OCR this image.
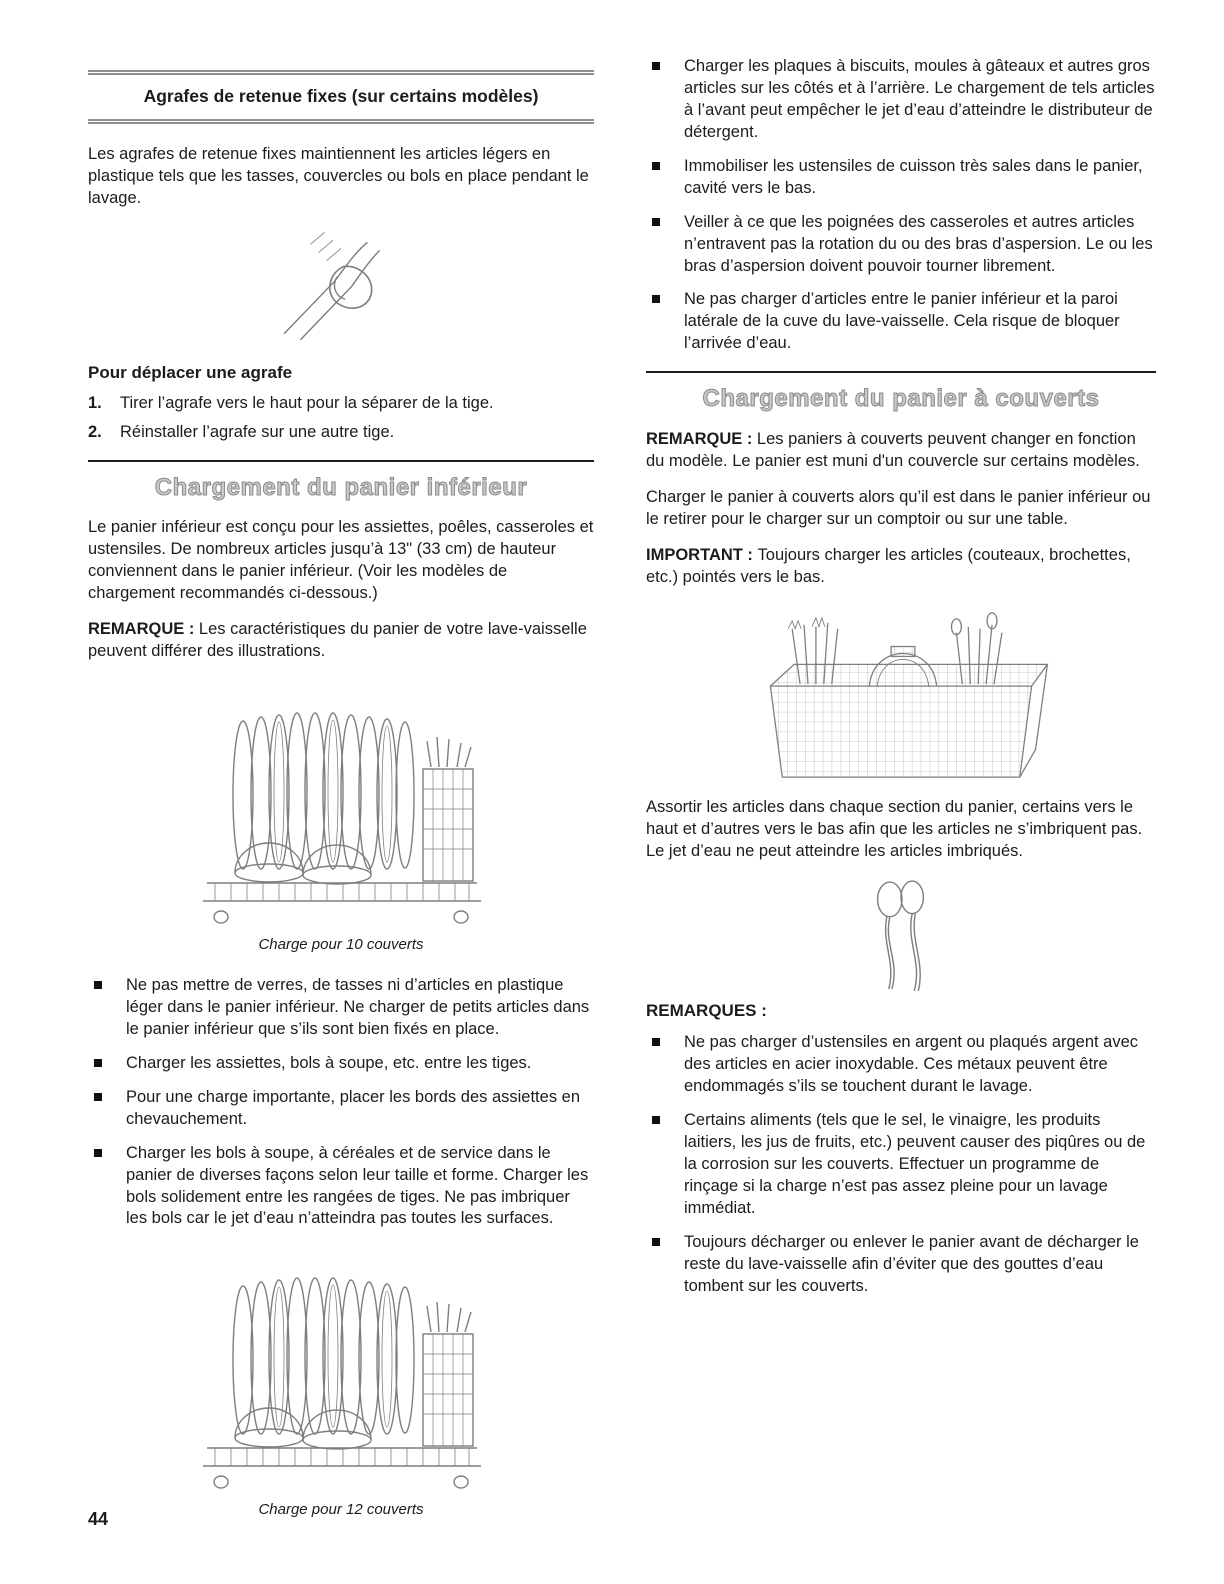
Agrafes de retenue fixes (sur certains modèles)

Les agrafes de retenue fixes maintiennent les articles légers en plastique tels que les tasses, couvercles ou bols en place pendant le lavage.

Pour déplacer une agrafe
1.	Tirer l’agrafe vers le haut pour la séparer de la tige.
2.	Réinstaller l’agrafe sur une autre tige.
Chargement du panier inférieur

Le panier inférieur est conçu pour les assiettes, poêles, casseroles et ustensiles. De nombreux articles jusqu’à 13" (33 cm) de hauteur conviennent dans le panier inférieur. (Voir les modèles de chargement recommandés ci-dessous.)

REMARQUE : Les caractéristiques du panier de votre lave-vaisselle peuvent différer des illustrations.

Charge pour 10 couverts
Ne pas mettre de verres, de tasses ni d’articles en plastique léger dans le panier inférieur. Ne charger de petits articles dans le panier inférieur que s’ils sont bien fixés en place.
Charger les assiettes, bols à soupe, etc. entre les tiges.
Pour une charge importante, placer les bords des assiettes en chevauchement.
Charger les bols à soupe, à céréales et de service dans le panier de diverses façons selon leur taille et forme. Charger les bols solidement entre les rangées de tiges. Ne pas imbriquer les bols car le jet d’eau n’atteindra pas toutes les surfaces.
Charge pour 12 couverts
Charger les plaques à biscuits, moules à gâteaux et autres gros articles sur les côtés et à l’arrière. Le chargement de tels articles à l’avant peut empêcher le jet d’eau d’atteindre le distributeur de détergent.
Immobiliser les ustensiles de cuisson très sales dans le panier, cavité vers le bas.
Veiller à ce que les poignées des casseroles et autres articles n’entravent pas la rotation du ou des bras d’aspersion. Le ou les bras d’aspersion doivent pouvoir tourner librement.
Ne pas charger d’articles entre le panier inférieur et la paroi latérale de la cuve du lave-vaisselle. Cela risque de bloquer l’arrivée d’eau.
Chargement du panier à couverts

REMARQUE : Les paniers à couverts peuvent changer en fonction du modèle. Le panier est muni d'un couvercle sur certains modèles.

Charger le panier à couverts alors qu’il est dans le panier inférieur ou le retirer pour le charger sur un comptoir ou sur une table.

IMPORTANT : Toujours charger les articles (couteaux, brochettes, etc.) pointés vers le bas.

Assortir les articles dans chaque section du panier, certains vers le haut et d’autres vers le bas afin que les articles ne s’imbriquent pas. Le jet d’eau ne peut atteindre les articles imbriqués.

REMARQUES :
Ne pas charger d’ustensiles en argent ou plaqués argent avec des articles en acier inoxydable. Ces métaux peuvent être endommagés s’ils se touchent durant le lavage.
Certains aliments (tels que le sel, le vinaigre, les produits laitiers, les jus de fruits, etc.) peuvent causer des piqûres ou de la corrosion sur les couverts. Effectuer un programme de rinçage si la charge n’est pas assez pleine pour un lavage immédiat.
Toujours décharger ou enlever le panier avant de décharger le reste du lave-vaisselle afin d’éviter que des gouttes d’eau tombent sur les couverts.
44
